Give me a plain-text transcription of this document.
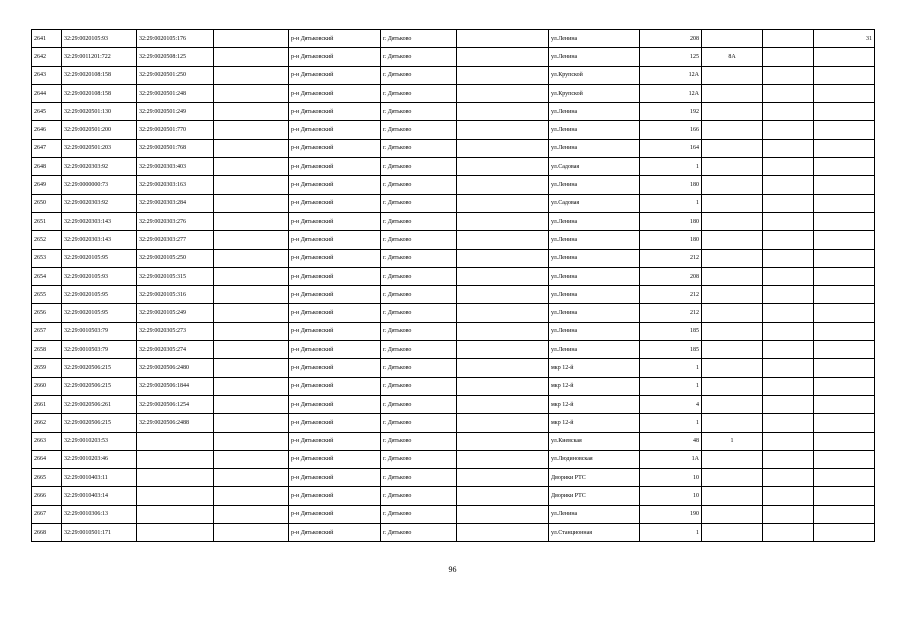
2641	32:29:0020105:93	32:29:0020105:176		р-н Дятьковский	г. Дятьково		ул.Ленина	208			31
2642	32:29:0011201:722	32:29:0020508:125		р-н Дятьковский	г. Дятьково		ул.Ленина	125	8А		
2643	32:29:0020108:158	32:29:0020501:250		р-н Дятьковский	г. Дятьково		ул.Крупской	12А			
2644	32:29:0020108:158	32:29:0020501:248		р-н Дятьковский	г. Дятьково		ул.Крупской	12А			
2645	32:29:0020501:130	32:29:0020501:249		р-н Дятьковский	г. Дятьково		ул.Ленина	192			
2646	32:29:0020501:200	32:29:0020501:770		р-н Дятьковский	г. Дятьково		ул.Ленина	166			
2647	32:29:0020501:203	32:29:0020501:768		р-н Дятьковский	г. Дятьково		ул.Ленина	164			
2648	32:29:0020303:92	32:29:0020303:403		р-н Дятьковский	г. Дятьково		ул.Садовая	1			
2649	32:29:0000000:73	32:29:0020303:163		р-н Дятьковский	г. Дятьково		ул.Ленина	180			
2650	32:29:0020303:92	32:29:0020303:284		р-н Дятьковский	г. Дятьково		ул.Садовая	1			
2651	32:29:0020303:143	32:29:0020303:276		р-н Дятьковский	г. Дятьково		ул.Ленина	180			
2652	32:29:0020303:143	32:29:0020303:277		р-н Дятьковский	г. Дятьково		ул.Ленина	180			
2653	32:29:0020105:95	32:29:0020105:250		р-н Дятьковский	г. Дятьково		ул.Ленина	212			
2654	32:29:0020105:93	32:29:0020105:315		р-н Дятьковский	г. Дятьково		ул.Ленина	208			
2655	32:29:0020105:95	32:29:0020105:316		р-н Дятьковский	г. Дятьково		ул.Ленина	212			
2656	32:29:0020105:95	32:29:0020105:249		р-н Дятьковский	г. Дятьково		ул.Ленина	212			
2657	32:29:0010503:79	32:29:0020305:273		р-н Дятьковский	г. Дятьково		ул.Ленина	185			
2658	32:29:0010503:79	32:29:0020305:274		р-н Дятьковский	г. Дятьково		ул.Ленина	185			
2659	32:29:0020506:215	32:29:0020506:2480		р-н Дятьковский	г. Дятьково		мкр 12-й	1			
2660	32:29:0020506:215	32:29:0020506:1844		р-н Дятьковский	г. Дятьково		мкр 12-й	1			
2661	32:29:0020506:261	32:29:0020506:1254		р-н Дятьковский	г. Дятьково		мкр 12-й	4			
2662	32:29:0020506:215	32:29:0020506:2488		р-н Дятьковский	г. Дятьково		мкр 12-й	1			
2663	32:29:0010203:53			р-н Дятьковский	г. Дятьково		ул.Киевская	48	1		
2664	32:29:0010203:46			р-н Дятьковский	г. Дятьково		ул.Людиновская	1А			
2665	32:29:0010403:11			р-н Дятьковский	г. Дятьково		Дворики РТС	10			
2666	32:29:0010403:14			р-н Дятьковский	г. Дятьково		Дворики РТС	10			
2667	32:29:0010306:13			р-н Дятьковский	г. Дятьково		ул.Ленина	190			
2668	32:29:0010501:171			р-н Дятьковский	г. Дятьково		ул.Станционная	1			
96
